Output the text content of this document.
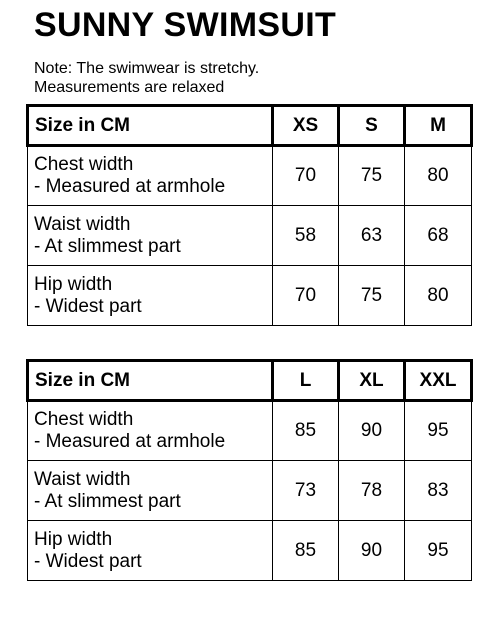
SUNNY SWIMSUIT
Note: The swimwear is stretchy.
Measurements are relaxed
Size in CM	XS	S	M

Chest width
- Measured at armhole	70	75	80

Waist width
- At slimmest part	58	63	68

Hip width
- Widest part	70	75	80
Size in CM	L	XL	XXL

Chest width
- Measured at armhole	85	90	95

Waist width
- At slimmest part	73	78	83

Hip width
- Widest part	85	90	95
